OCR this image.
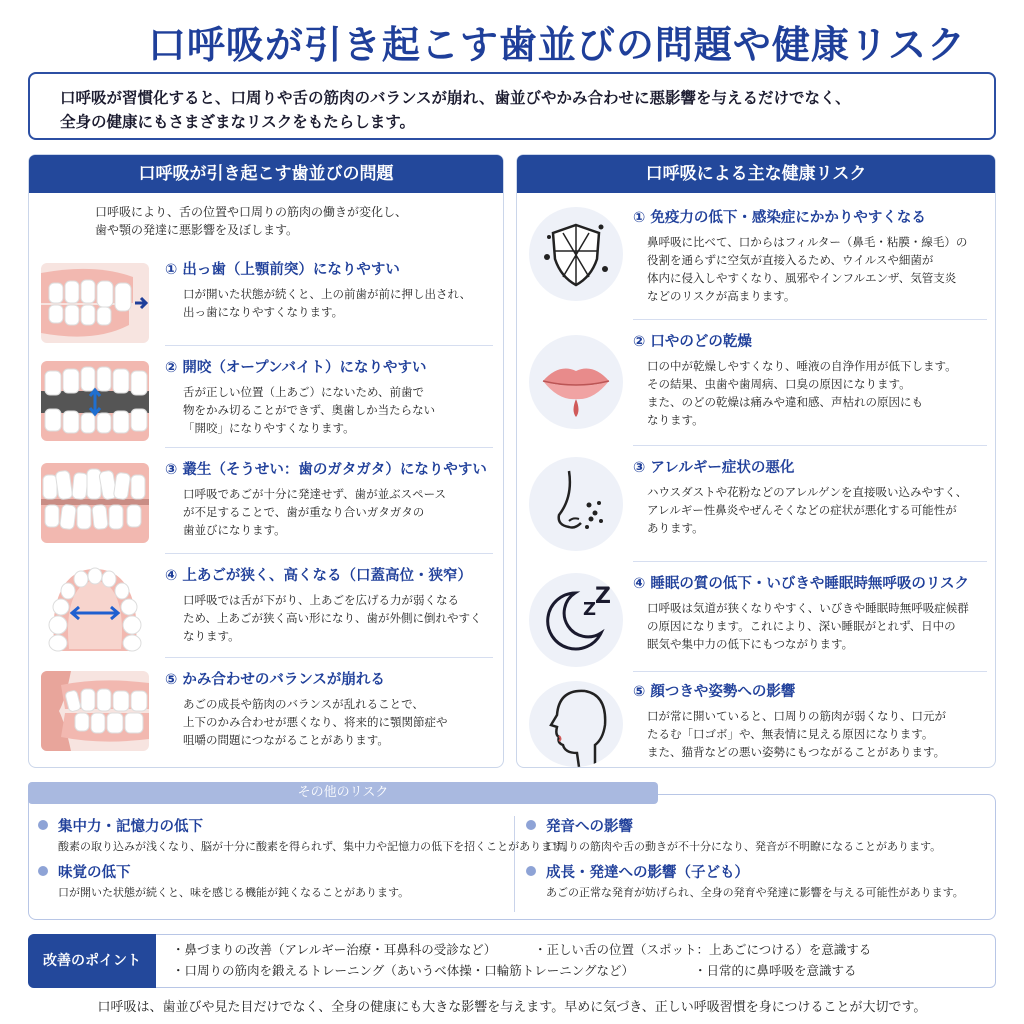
口呼吸が引き起こす歯並びの問題や健康リスク
口呼吸が習慣化すると、口周りや舌の筋肉のバランスが崩れ、歯並びやかみ合わせに悪影響を与えるだけでなく、
全身の健康にもさまざまなリスクをもたらします。
口呼吸が引き起こす歯並びの問題
口呼吸により、舌の位置や口周りの筋肉の働きが変化し、
歯や顎の発達に悪影響を及ぼします。
① 出っ歯（上顎前突）になりやすい
口が開いた状態が続くと、上の前歯が前に押し出され、
出っ歯になりやすくなります。
② 開咬（オープンバイト）になりやすい
舌が正しい位置（上あご）にないため、前歯で
物をかみ切ることができず、奥歯しか当たらない
「開咬」になりやすくなります。
③ 叢生（そうせい：歯のガタガタ）になりやすい
口呼吸であごが十分に発達せず、歯が並ぶスペース
が不足することで、歯が重なり合いガタガタの
歯並びになります。
④ 上あごが狭く、高くなる（口蓋高位・狭窄）
口呼吸では舌が下がり、上あごを広げる力が弱くなる
ため、上あごが狭く高い形になり、歯が外側に倒れやすく
なります。
⑤ かみ合わせのバランスが崩れる
あごの成長や筋肉のバランスが乱れることで、
上下のかみ合わせが悪くなり、将来的に顎関節症や
咀嚼の問題につながることがあります。
口呼吸による主な健康リスク
① 免疫力の低下・感染症にかかりやすくなる
鼻呼吸に比べて、口からはフィルター（鼻毛・粘膜・線毛）の
役割を通らずに空気が直接入るため、ウイルスや細菌が
体内に侵入しやすくなり、風邪やインフルエンザ、気管支炎
などのリスクが高まります。
② 口やのどの乾燥
口の中が乾燥しやすくなり、唾液の自浄作用が低下します。
その結果、虫歯や歯周病、口臭の原因になります。
また、のどの乾燥は痛みや違和感、声枯れの原因にも
なります。
③ アレルギー症状の悪化
ハウスダストや花粉などのアレルゲンを直接吸い込みやすく、
アレルギー性鼻炎やぜんそくなどの症状が悪化する可能性が
あります。
Z
Z ④ 睡眠の質の低下・いびきや睡眠時無呼吸のリスク
口呼吸は気道が狭くなりやすく、いびきや睡眠時無呼吸症候群
の原因になります。これにより、深い睡眠がとれず、日中の
眠気や集中力の低下にもつながります。
⑤ 顔つきや姿勢への影響
口が常に開いていると、口周りの筋肉が弱くなり、口元が
たるむ「口ゴボ」や、無表情に見える原因になります。
また、猫背などの悪い姿勢にもつながることがあります。
その他のリスク
集中力・記憶力の低下
酸素の取り込みが浅くなり、脳が十分に酸素を得られず、集中力や記憶力の低下を招くことがあります。
味覚の低下
口が開いた状態が続くと、味を感じる機能が鈍くなることがあります。
発音への影響
口周りの筋肉や舌の動きが不十分になり、発音が不明瞭になることがあります。
成長・発達への影響（子ども）
あごの正常な発育が妨げられ、全身の発育や発達に影響を与える可能性があります。
改善のポイント
・鼻づまりの改善（アレルギー治療・耳鼻科の受診など）	・正しい舌の位置（スポット：上あごにつける）を意識する
・口周りの筋肉を鍛えるトレーニング（あいうべ体操・口輪筋トレーニングなど）	・日常的に鼻呼吸を意識する
口呼吸は、歯並びや見た目だけでなく、全身の健康にも大きな影響を与えます。早めに気づき、正しい呼吸習慣を身につけることが大切です。
